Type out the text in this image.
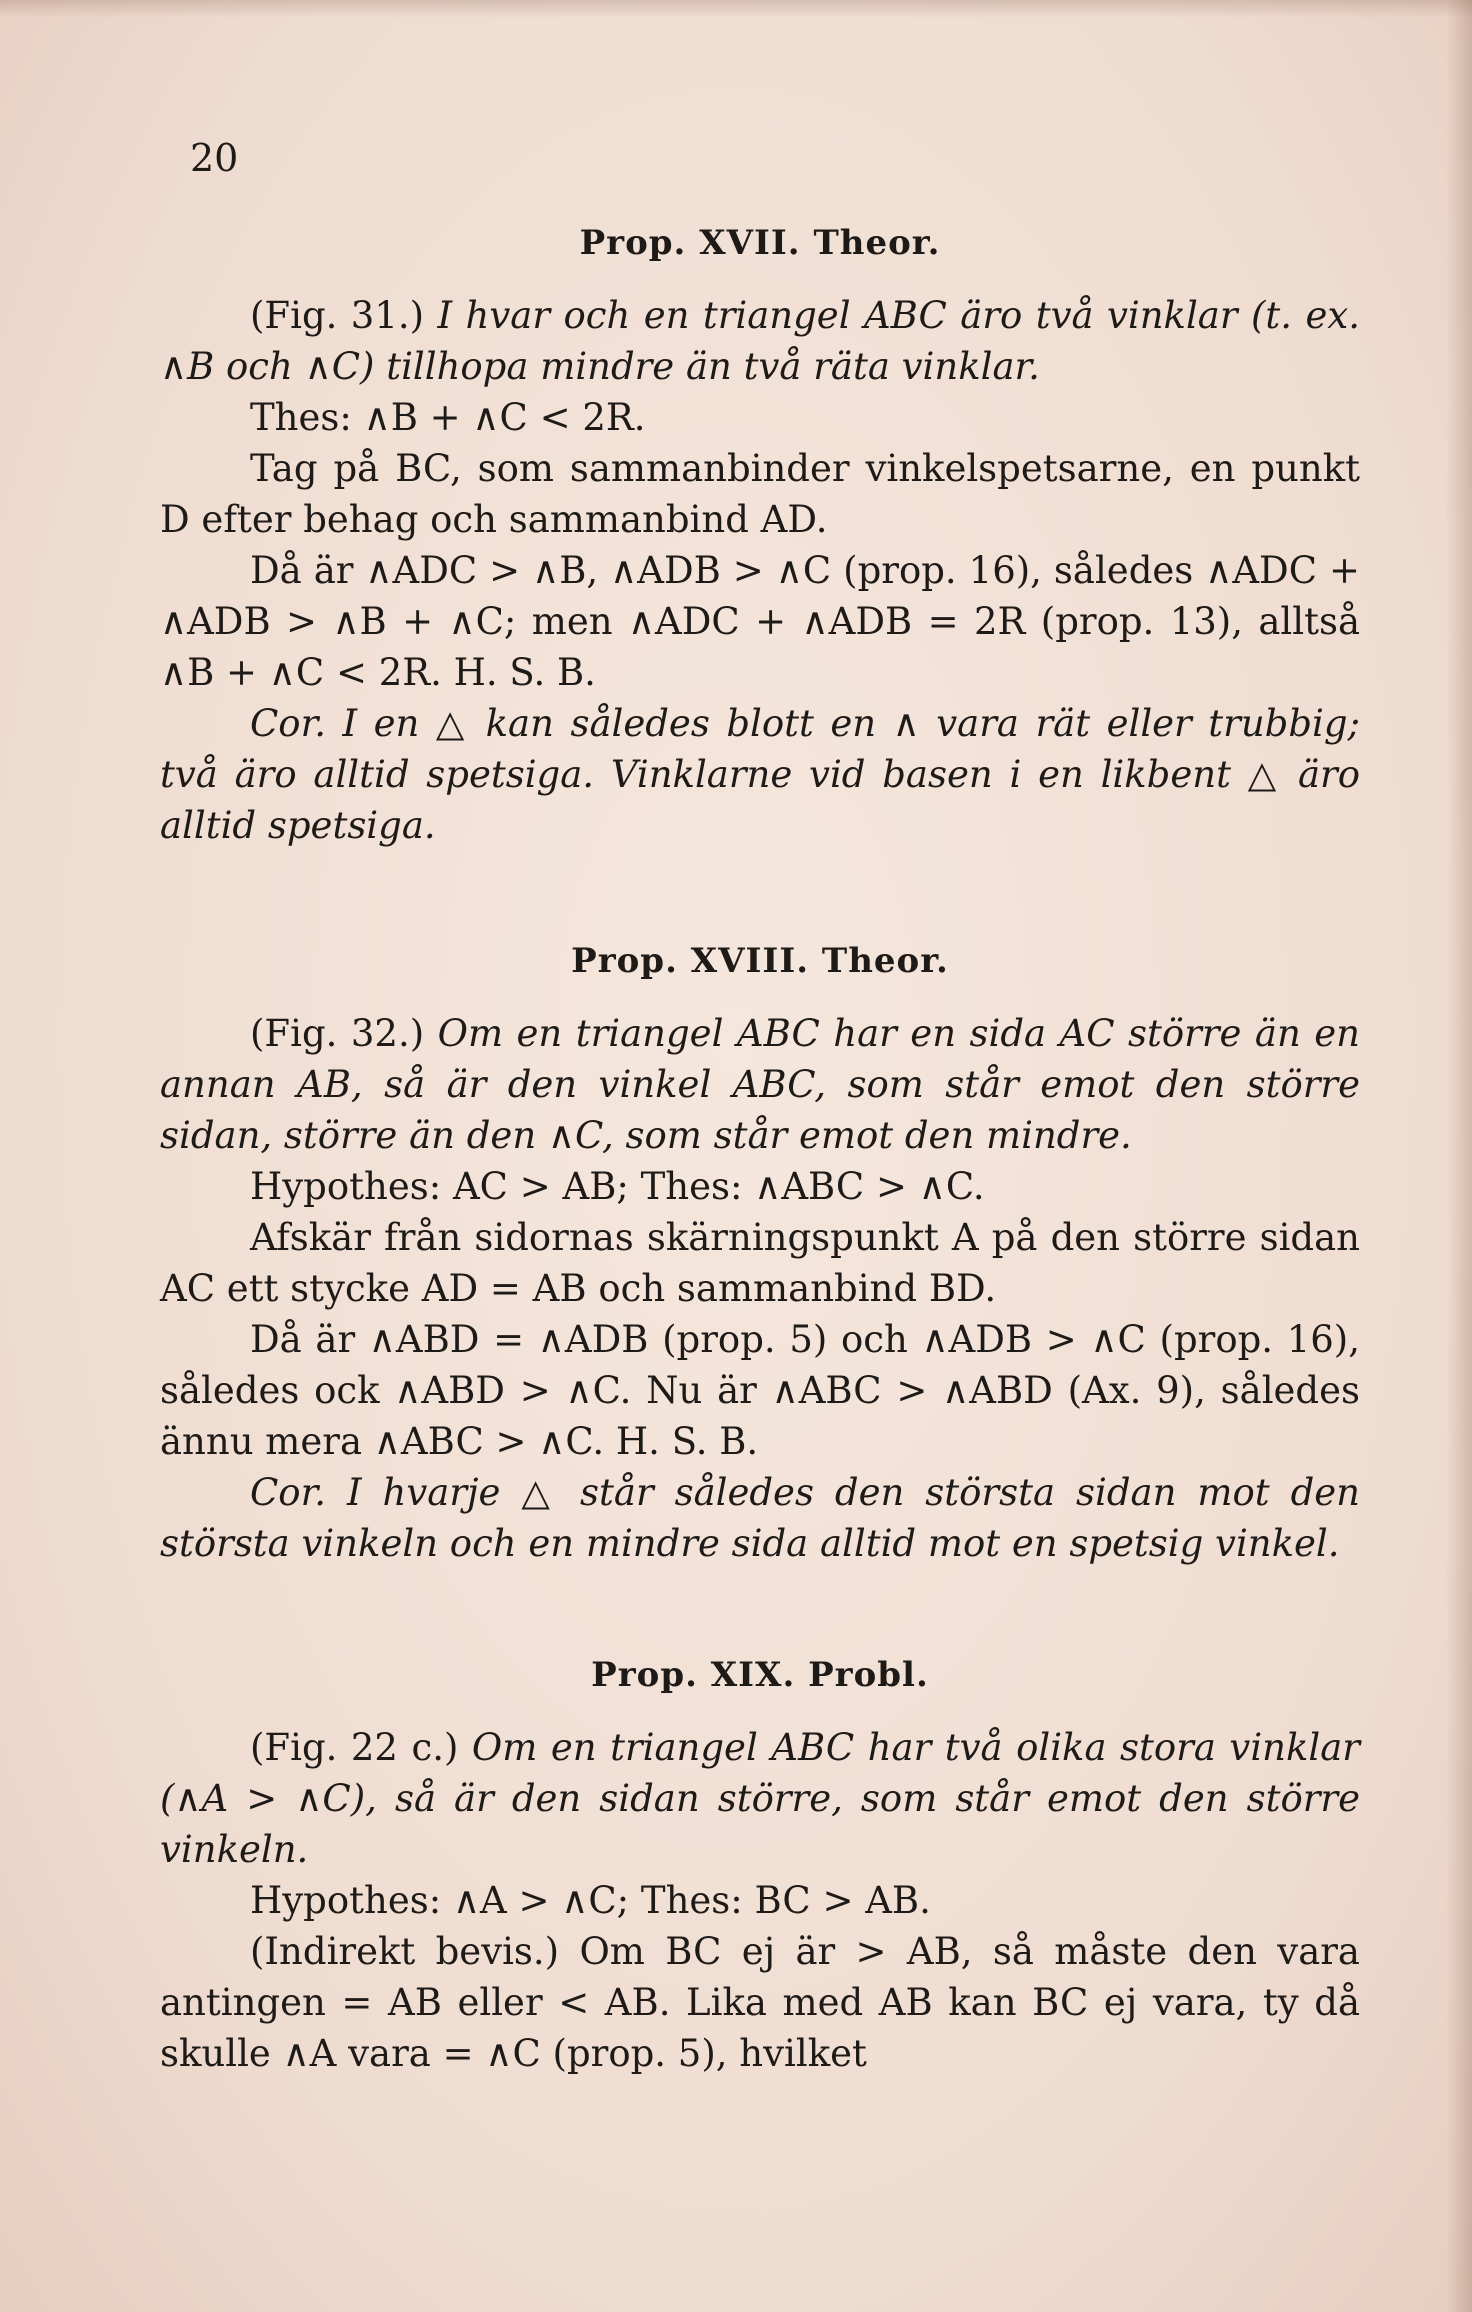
20
Prop. XVII. Theor.

(Fig. 31.) I hvar och en triangel ABC äro två vinklar (t. ex. ∧B och ∧C) tillhopa mindre än två räta vinklar.

Thes: ∧B + ∧C < 2R.

Tag på BC, som sammanbinder vinkelspetsarne, en punkt D efter behag och sammanbind AD.

Då är ∧ADC > ∧B, ∧ADB > ∧C (prop. 16), således ∧ADC + ∧ADB > ∧B + ∧C; men ∧ADC + ∧ADB = 2R (prop. 13), alltså ∧B + ∧C < 2R. H. S. B.

Cor. I en △ kan således blott en ∧ vara rät eller trubbig; två äro alltid spetsiga. Vinklarne vid basen i en likbent △ äro alltid spetsiga.

Prop. XVIII. Theor.

(Fig. 32.) Om en triangel ABC har en sida AC större än en annan AB, så är den vinkel ABC, som står emot den större sidan, större än den ∧C, som står emot den mindre.

Hypothes: AC > AB; Thes: ∧ABC > ∧C.

Afskär från sidornas skärningspunkt A på den större sidan AC ett stycke AD = AB och sammanbind BD.

Då är ∧ABD = ∧ADB (prop. 5) och ∧ADB > ∧C (prop. 16), således ock ∧ABD > ∧C. Nu är ∧ABC > ∧ABD (Ax. 9), således ännu mera ∧ABC > ∧C. H. S. B.

Cor. I hvarje △ står således den största sidan mot den största vinkeln och en mindre sida alltid mot en spetsig vinkel.

Prop. XIX. Probl.

(Fig. 22 c.) Om en triangel ABC har två olika stora vinklar (∧A > ∧C), så är den sidan större, som står emot den större vinkeln.

Hypothes: ∧A > ∧C; Thes: BC > AB.

(Indirekt bevis.) Om BC ej är > AB, så måste den vara antingen = AB eller < AB. Lika med AB kan BC ej vara, ty då skulle ∧A vara = ∧C (prop. 5), hvilket
